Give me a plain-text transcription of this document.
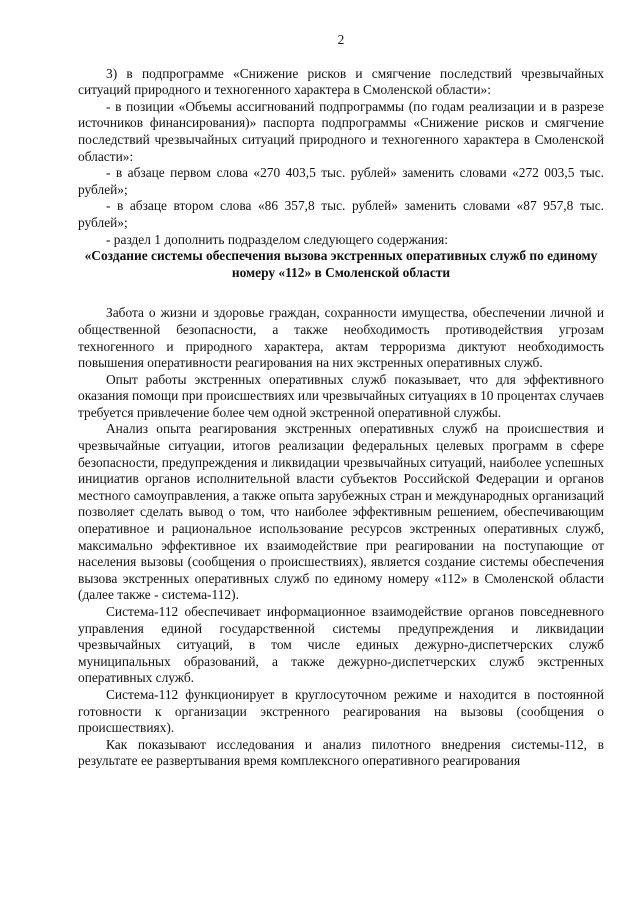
2

3) в подпрограмме «Снижение рисков и смягчение последствий чрезвычайных ситуаций природного и техногенного характера в Смоленской области»:

- в позиции «Объемы ассигнований подпрограммы (по годам реализации и в разрезе источников финансирования)» паспорта подпрограммы «Снижение рисков и смягчение последствий чрезвычайных ситуаций природного и техногенного характера в Смоленской области»:

- в абзаце первом слова «270 403,5 тыс. рублей» заменить словами «272 003,5 тыс. рублей»;

- в абзаце втором слова «86 357,8 тыс. рублей» заменить словами «87 957,8 тыс. рублей»;

- раздел 1 дополнить подразделом следующего содержания:

«Создание системы обеспечения вызова экстренных оперативных служб по единому номеру «112» в Смоленской области

Забота о жизни и здоровье граждан, сохранности имущества, обеспечении личной и общественной безопасности, а также необходимость противодействия угрозам техногенного и природного характера, актам терроризма диктуют необходимость повышения оперативности реагирования на них экстренных оперативных служб.

Опыт работы экстренных оперативных служб показывает, что для эффективного оказания помощи при происшествиях или чрезвычайных ситуациях в 10 процентах случаев требуется привлечение более чем одной экстренной оперативной службы.

Анализ опыта реагирования экстренных оперативных служб на происшествия и чрезвычайные ситуации, итогов реализации федеральных целевых программ в сфере безопасности, предупреждения и ликвидации чрезвычайных ситуаций, наиболее успешных инициатив органов исполнительной власти субъектов Российской Федерации и органов местного самоуправления, а также опыта зарубежных стран и международных организаций позволяет сделать вывод о том, что наиболее эффективным решением, обеспечивающим оперативное и рациональное использование ресурсов экстренных оперативных служб, максимально эффективное их взаимодействие при реагировании на поступающие от населения вызовы (сообщения о происшествиях), является создание системы обеспечения вызова экстренных оперативных служб по единому номеру «112» в Смоленской области (далее также - система-112).

Система-112 обеспечивает информационное взаимодействие органов повседневного управления единой государственной системы предупреждения и ликвидации чрезвычайных ситуаций, в том числе единых дежурно-диспетчерских служб муниципальных образований, а также дежурно-диспетчерских служб экстренных оперативных служб.

Система-112 функционирует в круглосуточном режиме и находится в постоянной готовности к организации экстренного реагирования на вызовы (сообщения о происшествиях).

Как показывают исследования и анализ пилотного внедрения системы-112, в результате ее развертывания время комплексного оперативного реагирования
